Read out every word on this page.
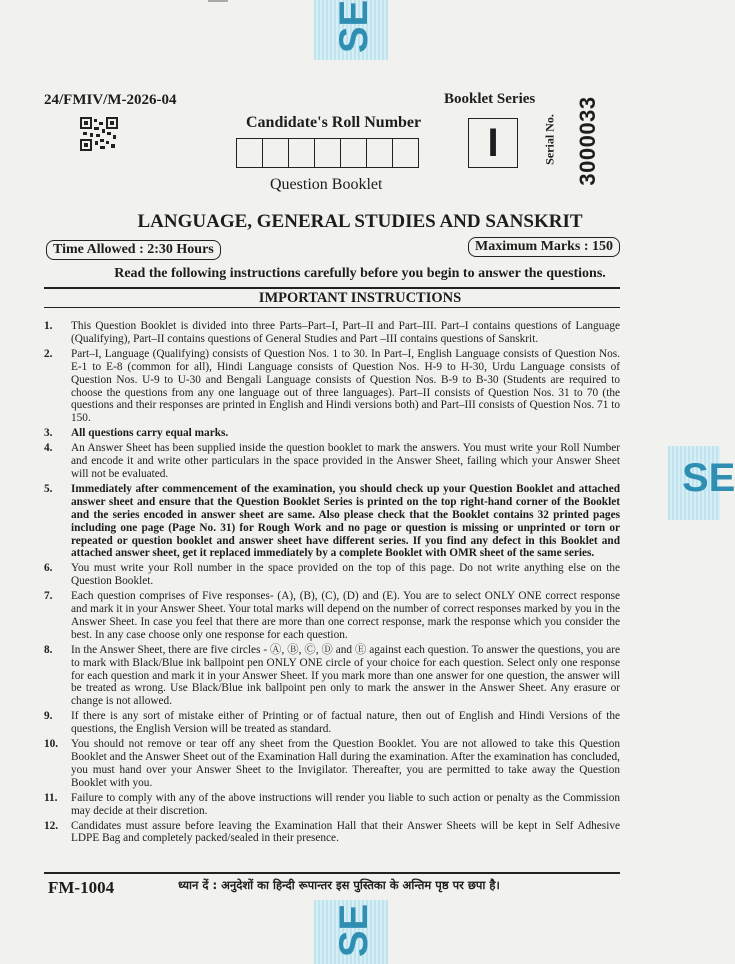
SE
SE
SE
24/FMIV/M-2026-04
Candidate's Roll Number
Question Booklet
Booklet Series
I	Serial No. 3000033
LANGUAGE, GENERAL STUDIES AND SANSKRIT
Time Allowed : 2:30 Hours	Maximum Marks : 150
Read the following instructions carefully before you begin to answer the questions.
IMPORTANT INSTRUCTIONS
1.	This Question Booklet is divided into three Parts–Part–I, Part–II and Part–III. Part–I contains questions of Language (Qualifying), Part–II contains questions of General Studies and Part –III contains questions of Sanskrit.
2.	Part–I, Language (Qualifying) consists of Question Nos. 1 to 30. In Part–I, English Language consists of Question Nos. E-1 to E-8 (common for all), Hindi Language consists of Question Nos. H-9 to H-30, Urdu Language consists of Question Nos. U-9 to U-30 and Bengali Language consists of Question Nos. B-9 to B-30 (Students are required to choose the questions from any one language out of three languages). Part–II consists of Question Nos. 31 to 70 (the questions and their responses are printed in English and Hindi versions both) and Part–III consists of Question Nos. 71 to 150.
3.	All questions carry equal marks.
4.	An Answer Sheet has been supplied inside the question booklet to mark the answers. You must write your Roll Number and encode it and write other particulars in the space provided in the Answer Sheet, failing which your Answer Sheet will not be evaluated.
5.	Immediately after commencement of the examination, you should check up your Question Booklet and attached answer sheet and ensure that the Question Booklet Series is printed on the top right-hand corner of the Booklet and the series encoded in answer sheet are same. Also please check that the Booklet contains 32 printed pages including one page (Page No. 31) for Rough Work and no page or question is missing or unprinted or torn or repeated or question booklet and answer sheet have different series. If you find any defect in this Booklet and attached answer sheet, get it replaced immediately by a complete Booklet with OMR sheet of the same series.
6.	You must write your Roll number in the space provided on the top of this page. Do not write anything else on the Question Booklet.
7.	Each question comprises of Five responses- (A), (B), (C), (D) and (E). You are to select ONLY ONE correct response and mark it in your Answer Sheet. Your total marks will depend on the number of correct responses marked by you in the Answer Sheet. In case you feel that there are more than one correct response, mark the response which you consider the best. In any case choose only one response for each question.
8.	In the Answer Sheet, there are five circles - Ⓐ, Ⓑ, Ⓒ, Ⓓ and Ⓔ against each question. To answer the questions, you are to mark with Black/Blue ink ballpoint pen ONLY ONE circle of your choice for each question. Select only one response for each question and mark it in your Answer Sheet. If you mark more than one answer for one question, the answer will be treated as wrong. Use Black/Blue ink ballpoint pen only to mark the answer in the Answer Sheet. Any erasure or change is not allowed.
9.	If there is any sort of mistake either of Printing or of factual nature, then out of English and Hindi Versions of the questions, the English Version will be treated as standard.
10.	You should not remove or tear off any sheet from the Question Booklet. You are not allowed to take this Question Booklet and the Answer Sheet out of the Examination Hall during the examination. After the examination has concluded, you must hand over your Answer Sheet to the Invigilator. Thereafter, you are permitted to take away the Question Booklet with you.
11.	Failure to comply with any of the above instructions will render you liable to such action or penalty as the Commission may decide at their discretion.
12.	Candidates must assure before leaving the Examination Hall that their Answer Sheets will be kept in Self Adhesive LDPE Bag and completely packed/sealed in their presence.
FM-1004	ध्यान दें : अनुदेशों का हिन्दी रूपान्तर इस पुस्तिका के अन्तिम पृष्ठ पर छपा है।
